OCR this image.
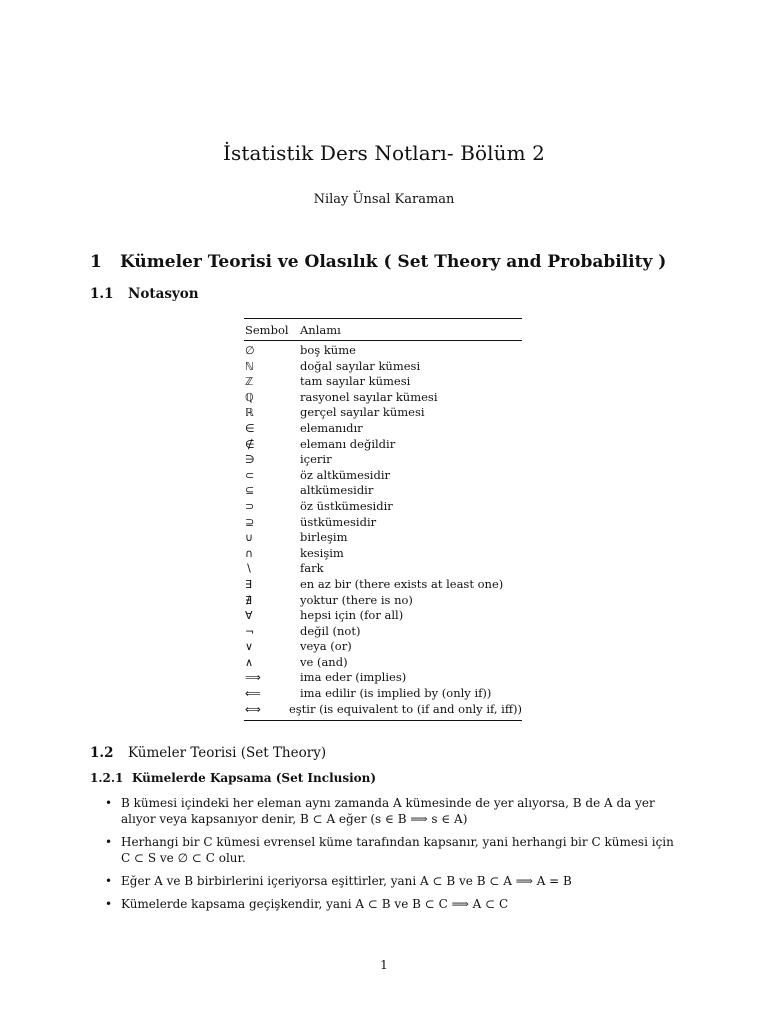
İstatistik Ders Notları- Bölüm 2
Nilay Ünsal Karaman
1 Kümeler Teorisi ve Olasılık ( Set Theory and Probability )
1.1 Notasyon
Sembol Anlamı
∅	boş küme
ℕ	doğal sayılar kümesi
ℤ	tam sayılar kümesi
ℚ	rasyonel sayılar kümesi
ℝ	gerçel sayılar kümesi
∈	elemanıdır
∉	elemanı değildir
∋	içerir
⊂	öz altkümesidir
⊆	altkümesidir
⊃	öz üstkümesidir
⊇	üstkümesidir
∪	birleşim
∩	kesişim
∖	fark
∃	en az bir (there exists at least one)
∄	yoktur (there is no)
∀	hepsi için (for all)
¬	değil (not)
∨	veya (or)
∧	ve (and)
⟹	ima eder (implies)
⟸	ima edilir (is implied by (only if))
⟺	eştir (is equivalent to (if and only if, iff))
1.2 Kümeler Teorisi (Set Theory)
1.2.1 Kümelerde Kapsama (Set Inclusion)
• B kümesi içindeki her eleman aynı zamanda A kümesinde de yer alıyorsa, B de A da yer alıyor veya kapsanıyor denir, B ⊂ A eğer (s ∈ B ⟹ s ∈ A)
• Herhangi bir C kümesi evrensel küme tarafından kapsanır, yani herhangi bir C kümesi için C ⊂ S ve ∅ ⊂ C olur.
• Eğer A ve B birbirlerini içeriyorsa eşittirler, yani A ⊂ B ve B ⊂ A ⟹ A = B
• Kümelerde kapsama geçişkendir, yani A ⊂ B ve B ⊂ C ⟹ A ⊂ C
1
